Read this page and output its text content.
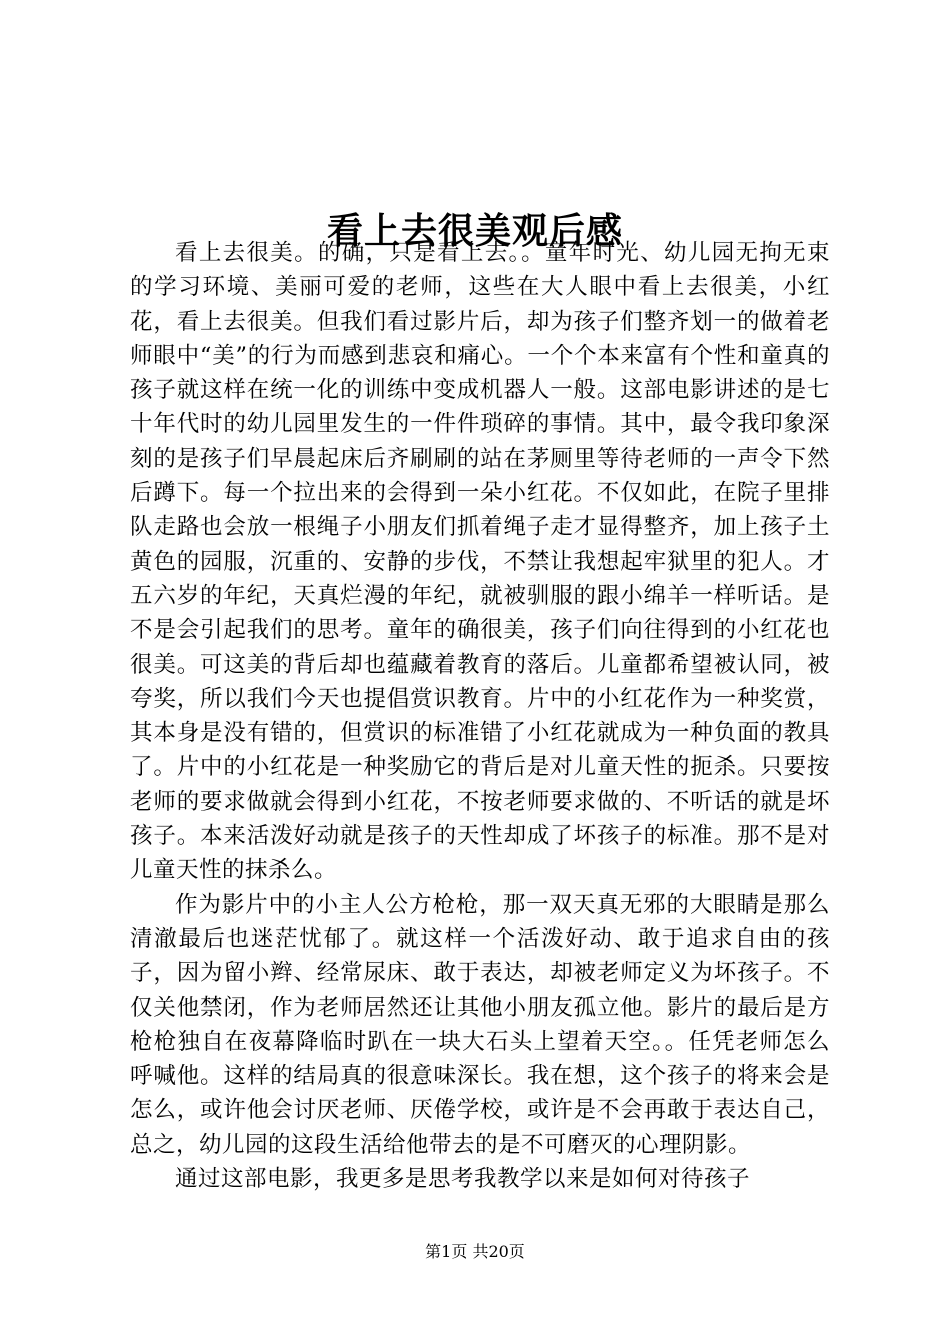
看上去很美观后感

看上去很美。的确，只是看上去。。童年时光、幼儿园无拘无束的学习环境、美丽可爱的老师，这些在大人眼中看上去很美，小红花，看上去很美。但我们看过影片后，却为孩子们整齐划一的做着老师眼中“美”的行为而感到悲哀和痛心。一个个本来富有个性和童真的孩子就这样在统一化的训练中变成机器人一般。这部电影讲述的是七十年代时的幼儿园里发生的一件件琐碎的事情。其中，最令我印象深刻的是孩子们早晨起床后齐刷刷的站在茅厕里等待老师的一声令下然后蹲下。每一个拉出来的会得到一朵小红花。不仅如此，在院子里排队走路也会放一根绳子小朋友们抓着绳子走才显得整齐，加上孩子土黄色的园服，沉重的、安静的步伐，不禁让我想起牢狱里的犯人。才五六岁的年纪，天真烂漫的年纪，就被驯服的跟小绵羊一样听话。是不是会引起我们的思考。童年的确很美，孩子们向往得到的小红花也很美。可这美的背后却也蕴藏着教育的落后。儿童都希望被认同，被夸奖，所以我们今天也提倡赏识教育。片中的小红花作为一种奖赏，其本身是没有错的，但赏识的标准错了小红花就成为一种负面的教具了。片中的小红花是一种奖励它的背后是对儿童天性的扼杀。只要按老师的要求做就会得到小红花，不按老师要求做的、不听话的就是坏孩子。本来活泼好动就是孩子的天性却成了坏孩子的标准。那不是对儿童天性的抹杀么。

作为影片中的小主人公方枪枪，那一双天真无邪的大眼睛是那么清澈最后也迷茫忧郁了。就这样一个活泼好动、敢于追求自由的孩子，因为留小辫、经常尿床、敢于表达，却被老师定义为坏孩子。不仅关他禁闭，作为老师居然还让其他小朋友孤立他。影片的最后是方枪枪独自在夜幕降临时趴在一块大石头上望着天空。。任凭老师怎么呼喊他。这样的结局真的很意味深长。我在想，这个孩子的将来会是怎么，或许他会讨厌老师、厌倦学校，或许是不会再敢于表达自己，总之，幼儿园的这段生活给他带去的是不可磨灭的心理阴影。

通过这部电影，我更多是思考我教学以来是如何对待孩子

第1页 共20页
